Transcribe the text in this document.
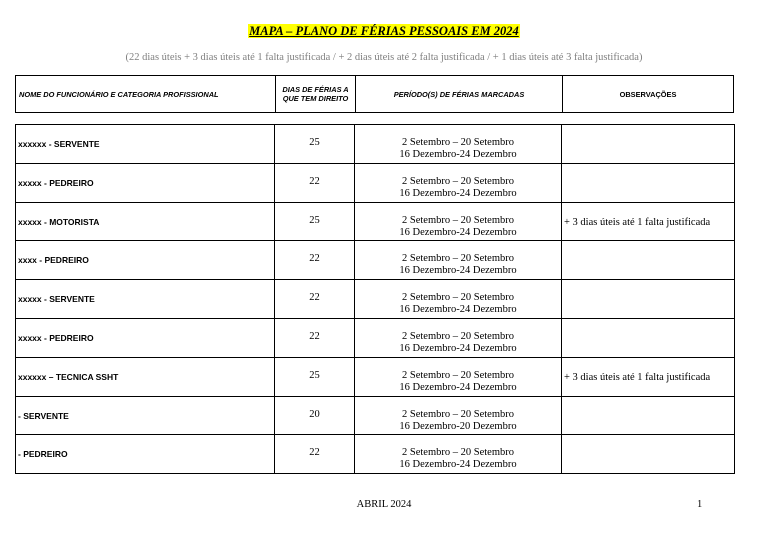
MAPA – PLANO DE FÉRIAS PESSOAIS EM 2024
(22 dias úteis + 3 dias úteis até 1 falta justificada / + 2 dias úteis até 2 falta justificada / + 1 dias úteis até 3 falta justificada)
NOME DO FUNCIONÁRIO E CATEGORIA PROFISSIONAL	DIAS DE FÉRIAS A QUE TEM DIREITO	PERÍODO(S) DE FÉRIAS MARCADAS	OBSERVAÇÕES
xxxxxx - SERVENTE	25	2 Setembro – 20 Setembro
16 Dezembro-24 Dezembro	

xxxxx - PEDREIRO	22	2 Setembro – 20 Setembro
16 Dezembro-24 Dezembro	

xxxxx - MOTORISTA	25	2 Setembro – 20 Setembro
16 Dezembro-24 Dezembro	+ 3 dias úteis até 1 falta justificada
xxxx - PEDREIRO	22	2 Setembro – 20 Setembro
16 Dezembro-24 Dezembro	

xxxxx - SERVENTE	22	2 Setembro – 20 Setembro
16 Dezembro-24 Dezembro	

xxxxx - PEDREIRO	22	2 Setembro – 20 Setembro
16 Dezembro-24 Dezembro	

xxxxxx – TECNICA SSHT	25	2 Setembro – 20 Setembro
16 Dezembro-24 Dezembro	+ 3 dias úteis até 1 falta justificada
- SERVENTE	20	2 Setembro – 20 Setembro
16 Dezembro-20 Dezembro	

- PEDREIRO	22	2 Setembro – 20 Setembro
16 Dezembro-24 Dezembro	

ABRIL 2024	1
